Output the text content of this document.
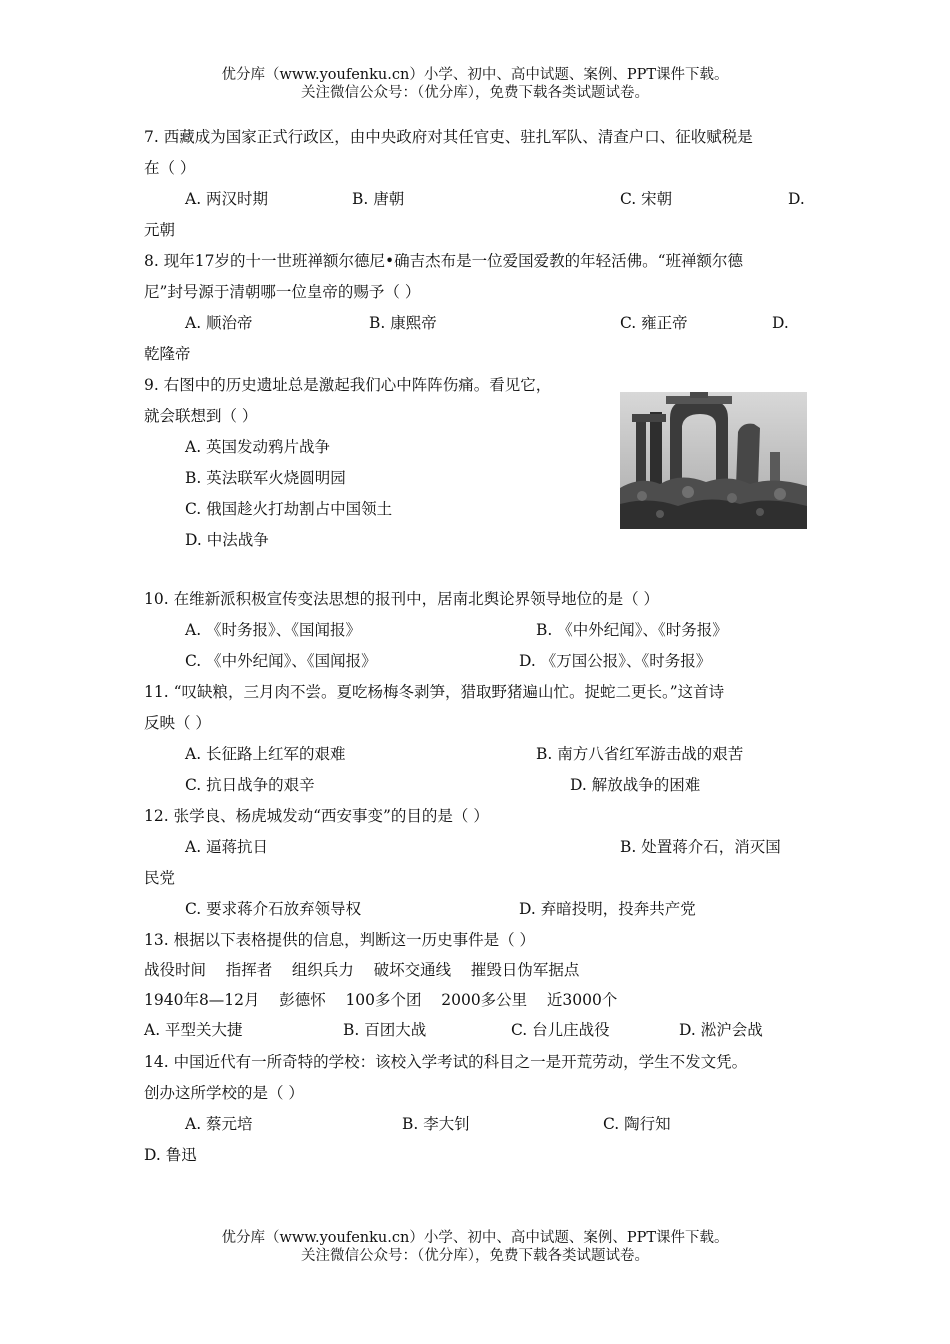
优分库（www.youfenku.cn）小学、初中、高中试题、案例、PPT课件下载。
关注微信公众号：（优分库），免费下载各类试题试卷。
7. 西藏成为国家正式行政区，由中央政府对其任官吏、驻扎军队、清查户口、征收赋税是
在（ ）
A. 两汉时期	B. 唐朝	C. 宋朝	D.
元朝
8. 现年17岁的十一世班禅额尔德尼•确吉杰布是一位爱国爱教的年轻活佛。“班禅额尔德
尼”封号源于清朝哪一位皇帝的赐予（ ）
A. 顺治帝	B. 康熙帝	C. 雍正帝	D.
乾隆帝
9. 右图中的历史遗址总是激起我们心中阵阵伤痛。看见它，
就会联想到（ ）
A. 英国发动鸦片战争
B. 英法联军火烧圆明园
C. 俄国趁火打劫割占中国领土
D. 中法战争
10. 在维新派积极宣传变法思想的报刊中，居南北舆论界领导地位的是（ ）
A. 《时务报》、《国闻报》	B. 《中外纪闻》、《时务报》
C. 《中外纪闻》、《国闻报》	D. 《万国公报》、《时务报》
11. “叹缺粮，三月肉不尝。夏吃杨梅冬剥笋，猎取野猪遍山忙。捉蛇二更长。”这首诗
反映（ ）
A. 长征路上红军的艰难	B. 南方八省红军游击战的艰苦
C. 抗日战争的艰辛	D. 解放战争的困难
12. 张学良、杨虎城发动“西安事变”的目的是（ ）
A. 逼蒋抗日	B. 处置蒋介石，消灭国
民党
C. 要求蒋介石放弃领导权	D. 弃暗投明，投奔共产党
13. 根据以下表格提供的信息，判断这一历史事件是（ ）
战役时间    指挥者    组织兵力    破坏交通线    摧毁日伪军据点
1940年8—12月    彭德怀    100多个团    2000多公里    近3000个
A. 平型关大捷	B. 百团大战	C. 台儿庄战役	D. 淞沪会战
14. 中国近代有一所奇特的学校：该校入学考试的科目之一是开荒劳动，学生不发文凭。
创办这所学校的是（ ）
A. 蔡元培	B. 李大钊	C. 陶行知
D. 鲁迅
优分库（www.youfenku.cn）小学、初中、高中试题、案例、PPT课件下载。
关注微信公众号：（优分库），免费下载各类试题试卷。
